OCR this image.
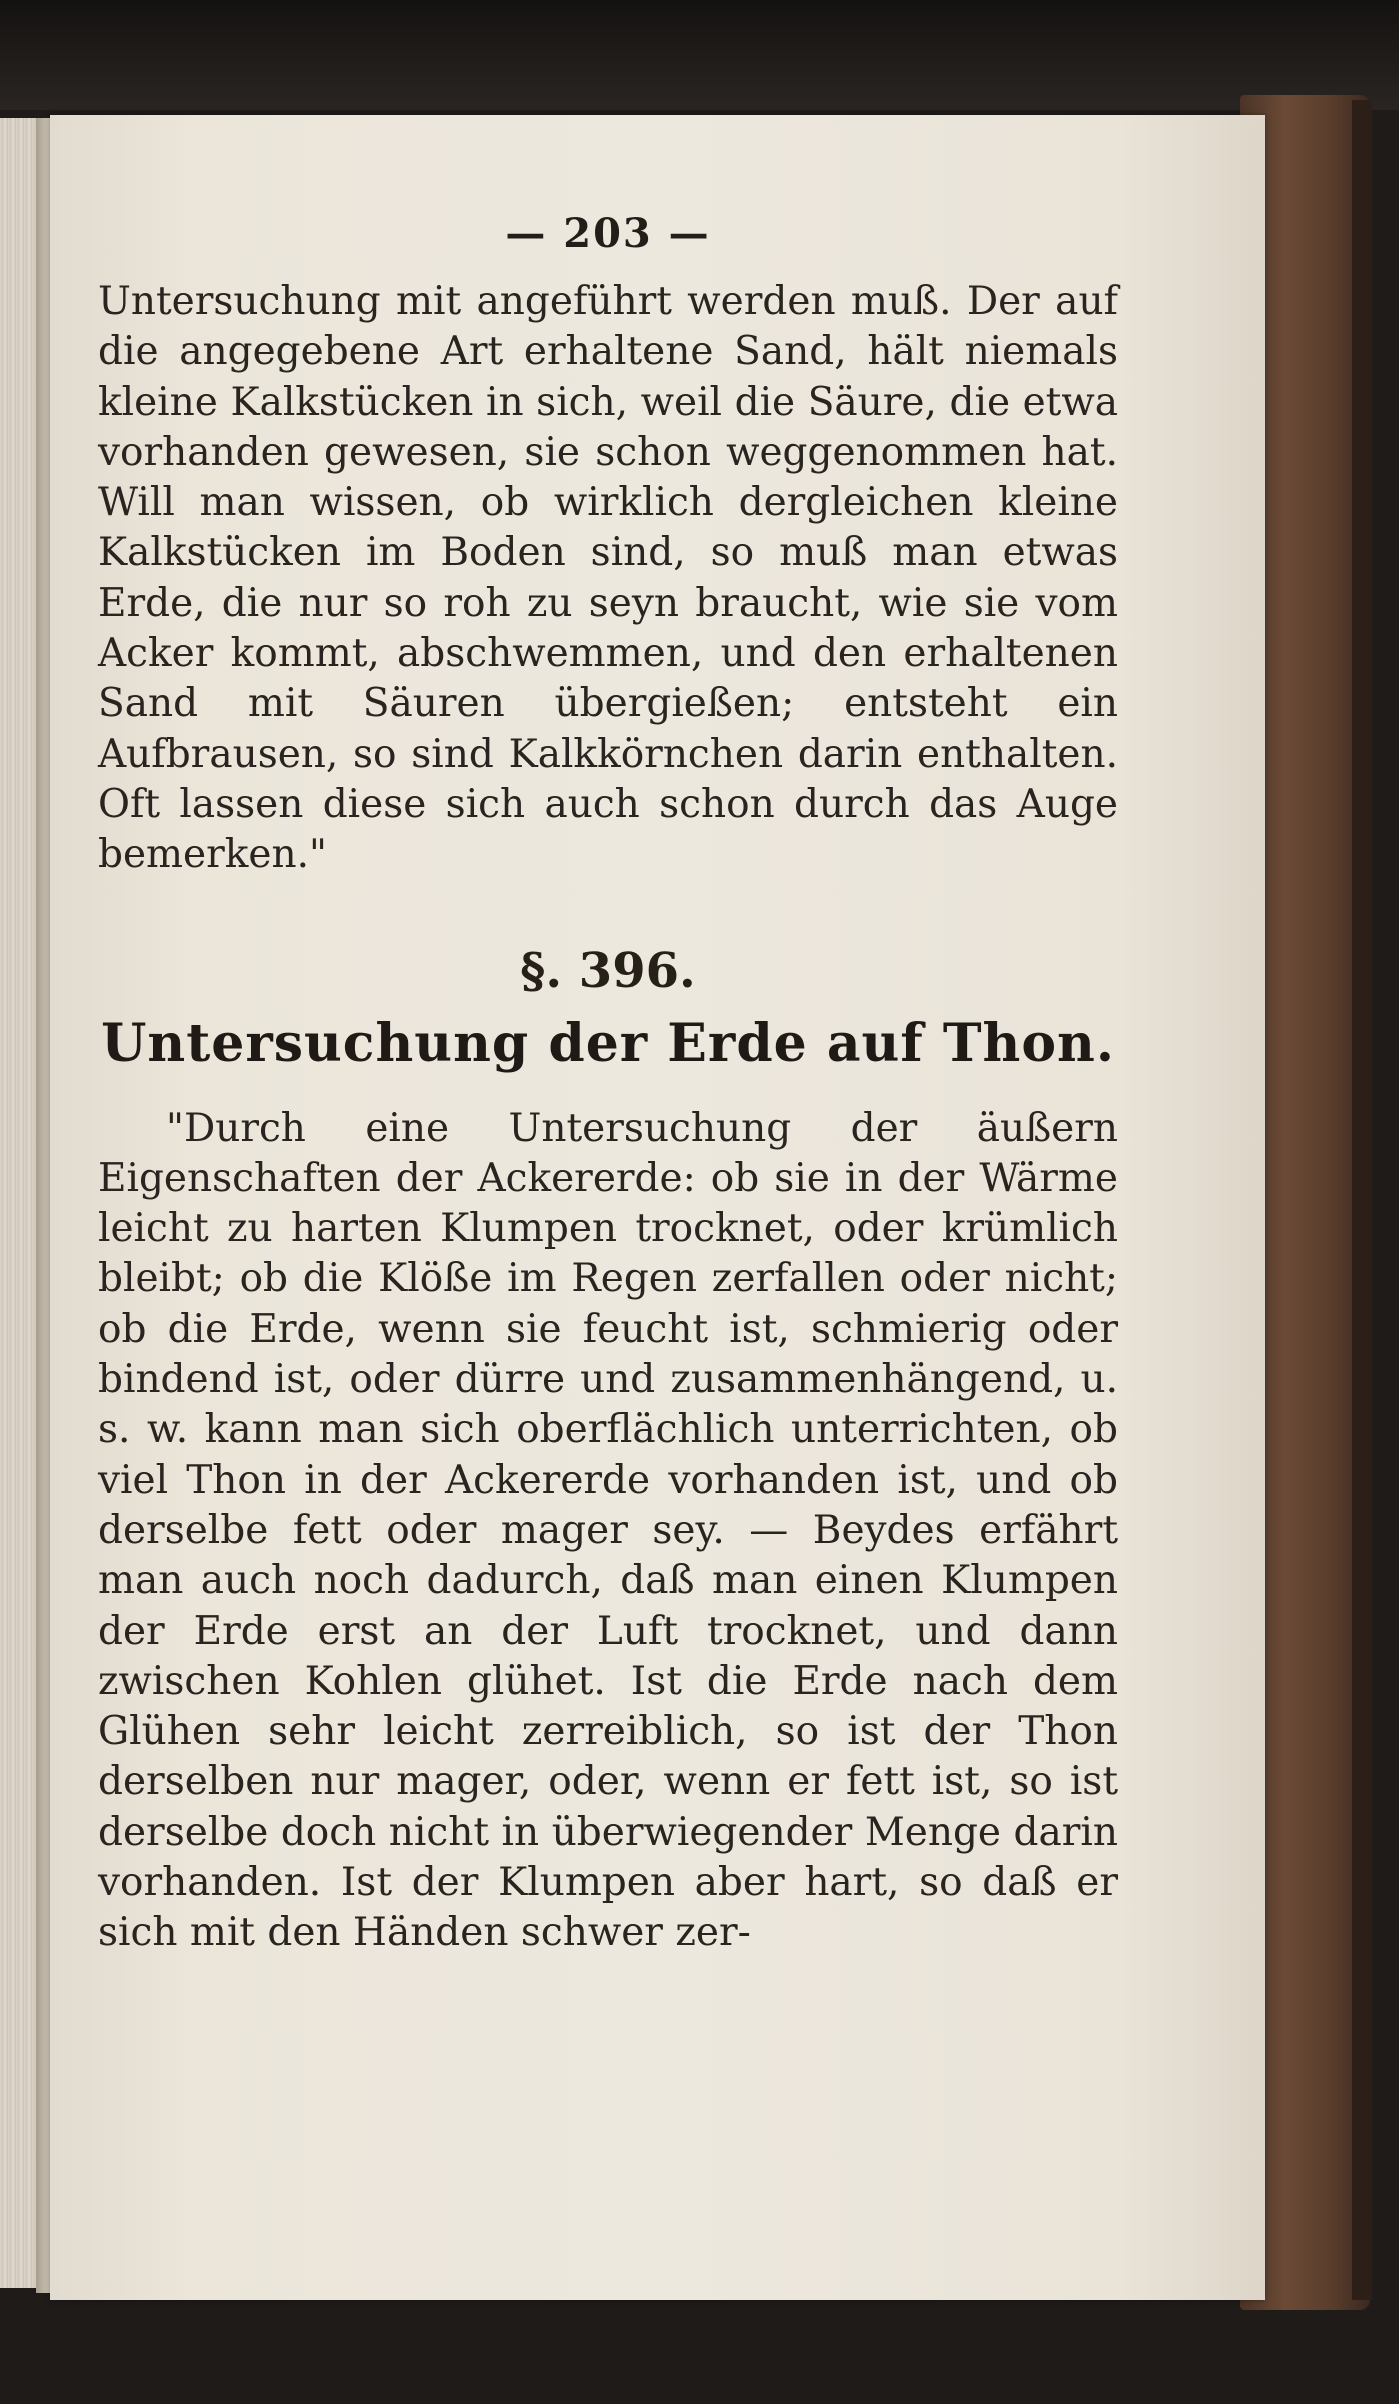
— 203 —

Untersuchung mit angeführt werden muß. Der auf die angegebene Art erhaltene Sand, hält niemals kleine Kalkstücken in sich, weil die Säure, die etwa vorhanden gewesen, sie schon weggenommen hat. Will man wissen, ob wirklich dergleichen kleine Kalkstücken im Boden sind, so muß man etwas Erde, die nur so roh zu seyn braucht, wie sie vom Acker kommt, abschwemmen, und den erhaltenen Sand mit Säuren übergießen; entsteht ein Aufbrausen, so sind Kalkkörnchen darin enthalten. Oft lassen diese sich auch schon durch das Auge bemerken."

§. 396.
Untersuchung der Erde auf Thon.

"Durch eine Untersuchung der äußern Eigenschaften der Ackererde: ob sie in der Wärme leicht zu harten Klumpen trocknet, oder krümlich bleibt; ob die Klöße im Regen zerfallen oder nicht; ob die Erde, wenn sie feucht ist, schmierig oder bindend ist, oder dürre und zusammenhängend, u. s. w. kann man sich oberflächlich unterrichten, ob viel Thon in der Ackererde vorhanden ist, und ob derselbe fett oder mager sey. — Beydes erfährt man auch noch dadurch, daß man einen Klumpen der Erde erst an der Luft trocknet, und dann zwischen Kohlen glühet. Ist die Erde nach dem Glühen sehr leicht zerreiblich, so ist der Thon derselben nur mager, oder, wenn er fett ist, so ist derselbe doch nicht in überwiegender Menge darin vorhanden. Ist der Klumpen aber hart, so daß er sich mit den Händen schwer zer-
